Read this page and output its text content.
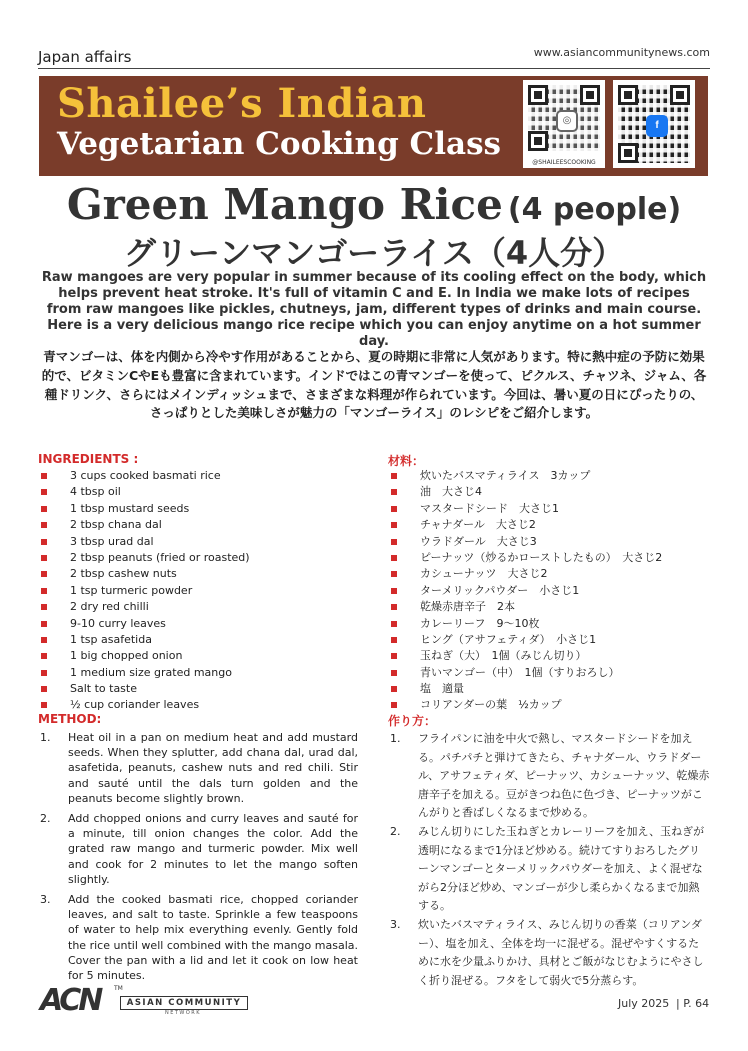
Japan affairs	www.asiancommunitynews.com
Shailee’s Indian
Vegetarian Cooking Class
◎
@SHAILEESCOOKING
f
Green Mango Rice (4 people)
グリーンマンゴーライス（4人分）
Raw mangoes are very popular in summer because of its cooling effect on the body, which helps prevent heat stroke. It's full of vitamin C and E. In India we make lots of recipes from raw mangoes like pickles, chutneys, jam, different types of drinks and main course. Here is a very delicious mango rice recipe which you can enjoy anytime on a hot summer day.
青マンゴーは、体を内側から冷やす作用があることから、夏の時期に非常に人気があります。特に熱中症の予防に効果的で、ビタミンCやEも豊富に含まれています。インドではこの青マンゴーを使って、ピクルス、チャツネ、ジャム、各種ドリンク、さらにはメインディッシュまで、さまざまな料理が作られています。今回は、暑い夏の日にぴったりの、さっぱりとした美味しさが魅力の「マンゴーライス」のレシピをご紹介します。
INGREDIENTS :	材料：
3 cups cooked basmati rice
4 tbsp oil
1 tbsp mustard seeds
2 tbsp chana dal
3 tbsp urad dal
2 tbsp peanuts (fried or roasted)
2 tbsp cashew nuts
1 tsp turmeric powder
2 dry red chilli
9-10 curry leaves
1 tsp asafetida
1 big chopped onion
1 medium size grated mango
Salt to taste
½ cup coriander leaves
炊いたバスマティライス　3カップ
油　大さじ4
マスタードシード　大さじ1
チャナダール　大さじ2
ウラドダール　大さじ3
ピーナッツ（炒るかローストしたもの）　大さじ2
カシューナッツ　大さじ2
ターメリックパウダー　小さじ1
乾燥赤唐辛子　2本
カレーリーフ　9〜10枚
ヒング（アサフェティダ）　小さじ1
玉ねぎ（大）　1個（みじん切り）
青いマンゴー（中）　1個（すりおろし）
塩　適量
コリアンダーの葉　½カップ
METHOD:	作り方：
1. Heat oil in a pan on medium heat and add mustard seeds. When they splutter, add chana dal, urad dal, asafetida, peanuts, cashew nuts and red chili. Stir and sauté until the dals turn golden and the peanuts become slightly brown.
2. Add chopped onions and curry leaves and sauté for a minute, till onion changes the color. Add the grated raw mango and turmeric powder. Mix well and cook for 2 minutes to let the mango soften slightly.
3. Add the cooked basmati rice, chopped coriander leaves, and salt to taste. Sprinkle a few teaspoons of water to help mix everything evenly. Gently fold the rice until well combined with the mango masala. Cover the pan with a lid and let it cook on low heat for 5 minutes.
1. フライパンに油を中火で熱し、マスタードシードを加える。パチパチと弾けてきたら、チャナダール、ウラドダール、アサフェティダ、ピーナッツ、カシューナッツ、乾燥赤唐辛子を加える。豆がきつね色に色づき、ピーナッツがこんがりと香ばしくなるまで炒める。
2. みじん切りにした玉ねぎとカレーリーフを加え、玉ねぎが透明になるまで1分ほど炒める。続けてすりおろしたグリーンマンゴーとターメリックパウダーを加え、よく混ぜながら2分ほど炒め、マンゴーが少し柔らかくなるまで加熱する。
3. 炊いたバスマティライス、みじん切りの香菜（コリアンダー）、塩を加え、全体を均一に混ぜる。混ぜやすくするために水を少量ふりかけ、具材とご飯がなじむようにやさしく折り混ぜる。フタをして弱火で5分蒸らす。
ACN TM
ASIAN COMMUNITY
NETWORK
July 2025 | P. 64
